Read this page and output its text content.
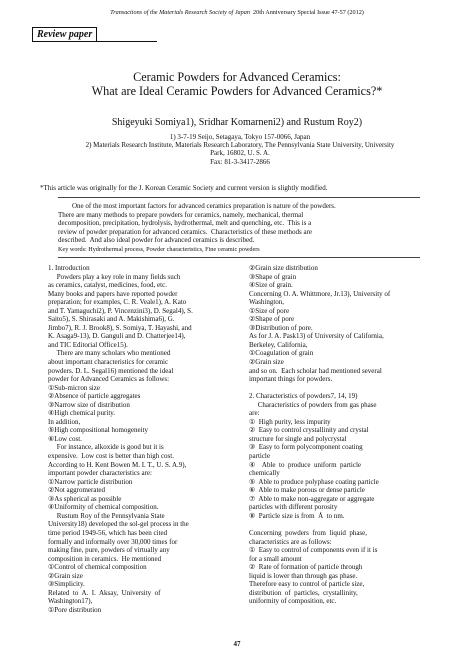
Transactions of the Materials Research Society of Japan 20th Anniversary Special Issue 47-57 (2012)
Review paper
Ceramic Powders for Advanced Ceramics:
What are Ideal Ceramic Powders for Advanced Ceramics?*
Shigeyuki Somiya1), Sridhar Komarneni2) and Rustum Roy2)
1) 3-7-19 Seijo, Setagaya, Tokyo 157-0066, Japan
2) Materials Research Institute, Materials Research Laboratory, The Pennsylvania State University, University
Park, 16802, U. S. A.
Fax: 81-3-3417-2866
*This article was originally for the J. Korean Ceramic Society and current version is slightly modified.
One of the most important factors for advanced ceramics preparation is nature of the powders.
There are many methods to prepare powders for ceramics, namely, mechanical, thermal
decomposition, precipitation, hydrolysis, hydrothermal, melt and quenching, etc.  This is a
review of powder preparation for advanced ceramics.  Characteristics of these methods are
described.  And also ideal powder for advanced ceramics is described.
Key words: Hydrothermal process, Powder characteristics, Fine ceramic powders
1. Introduction
Powders play a key role in many fields such
as ceramics, catalyst, medicines, food, etc.
Many books and papers have reported powder
preparation; for examples, C. R. Veale1), A. Kato
and T. Yamaguchi2), P. Vincenzini3), D. Segal4), S.
Saito5), S. Shirasaki and A. Makishima6), G.
Jimbo7), R. J. Brook8), S. Somiya, T. Hayashi, and
K. Asaga9-13), D. Ganguli and D. Chatterjee14),
and TIC Editorial Office15).
There are many scholars who mentioned
about important characteristics for ceramic
powders. D. L. Segal16) mentioned the ideal
powder for Advanced Ceramics as follows:
①Sub-micron size
②Absence of particle aggregates
③Narrow size of distribution
④High chemical purity.
In addition,
⑤High compositional homogeneity
⑥Low cost.
For instance, alkoxide is good but it is
expensive.  Low cost is better than high cost.
According to H. Kent Bowen M. I. T., U. S. A.9),
important powder characteristics are:
①Narrow particle distribution
②Not aggromerated
③As spherical as possible
④Uniformity of chemical composition.
Rustum Roy of the Pennsylvania State
University18) developed the sol-gel process in the
time period 1949-56, which has been cited
formally and informally over 30,000 times for
making fine, pure, powders of virtually any
composition in ceramics.  He mentioned
①Control of chemical composition
②Grain size
③Simplicity.
Related  to  A.  I.  Aksay,  University  of
Washington17),
①Pore distribution
②Grain size distribution
③Shape of grain
④Size of grain.
Concerning O. A. Whittmore, Jr.13), University of
Washington,
①Size of pore
②Shape of pore
③Distribution of pore.
As for J. A. Pask13) of University of California,
Berkeley, California,
①Coagulation of grain
②Grain size
and so on.  Each scholar had mentioned several
important things for powders.
2. Characteristics of powders7, 14, 19)
Characteristics of powders from gas phase
are:
①  High purity, less impurity
②  Easy to control crystallinity and crystal
structure for single and polycrystal
③  Easy to form polycomponent coating
particle
④    Able  to  produce  uniform  particle
chemically
⑤  Able to produce polyphase coating particle
⑥  Able to make porous or dense particle
⑦  Able to make non-aggregate or aggregate
particles with different porosity
⑧  Particle size is from  Å  to nm.
Concerning  powders  from  liquid  phase,
characteristics are as follows:
①  Easy to control of components even if it is
for a small amount
②  Rate of formation of particle through
liquid is lower than through gas phase.
Therefore easy to control of particle size,
distribution  of  particles,  crystallinity,
uniformity of composition, etc.
47
